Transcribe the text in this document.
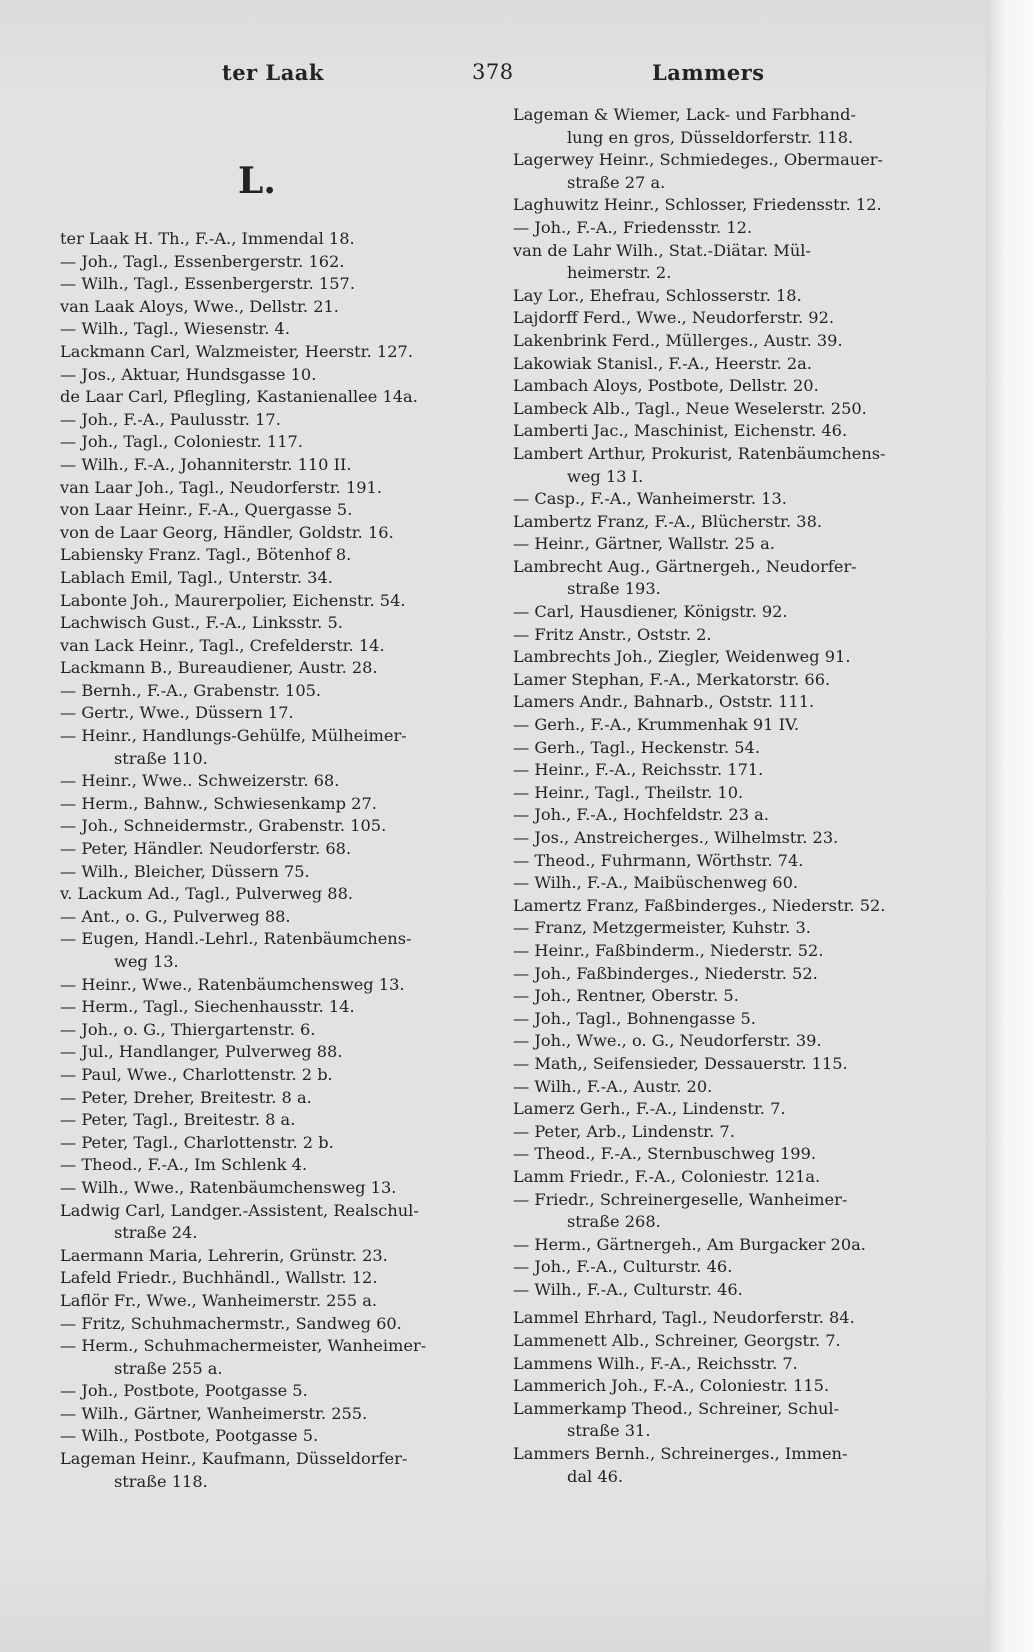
ter Laak	378	Lammers
L.
ter Laak H. Th., F.-A., Immendal 18.
— Joh., Tagl., Essenbergerstr. 162.
— Wilh., Tagl., Essenbergerstr. 157.
van Laak Aloys, Wwe., Dellstr. 21.
— Wilh., Tagl., Wiesenstr. 4.
Lackmann Carl, Walzmeister, Heerstr. 127.
— Jos., Aktuar, Hundsgasse 10.
de Laar Carl, Pflegling, Kastanienallee 14a.
— Joh., F.-A., Paulusstr. 17.
— Joh., Tagl., Coloniestr. 117.
— Wilh., F.-A., Johanniterstr. 110 II.
van Laar Joh., Tagl., Neudorferstr. 191.
von Laar Heinr., F.-A., Quergasse 5.
von de Laar Georg, Händler, Goldstr. 16.
Labiensky Franz. Tagl., Bötenhof 8.
Lablach Emil, Tagl., Unterstr. 34.
Labonte Joh., Maurerpolier, Eichenstr. 54.
Lachwisch Gust., F.-A., Linksstr. 5.
van Lack Heinr., Tagl., Crefelderstr. 14.
Lackmann B., Bureaudiener, Austr. 28.
— Bernh., F.-A., Grabenstr. 105.
— Gertr., Wwe., Düssern 17.
— Heinr., Handlungs-Gehülfe, Mülheimer-
straße 110.
— Heinr., Wwe.. Schweizerstr. 68.
— Herm., Bahnw., Schwiesenkamp 27.
— Joh., Schneidermstr., Grabenstr. 105.
— Peter, Händler. Neudorferstr. 68.
— Wilh., Bleicher, Düssern 75.
v. Lackum Ad., Tagl., Pulverweg 88.
— Ant., o. G., Pulverweg 88.
— Eugen, Handl.-Lehrl., Ratenbäumchens-
weg 13.
— Heinr., Wwe., Ratenbäumchensweg 13.
— Herm., Tagl., Siechenhausstr. 14.
— Joh., o. G., Thiergartenstr. 6.
— Jul., Handlanger, Pulverweg 88.
— Paul, Wwe., Charlottenstr. 2 b.
— Peter, Dreher, Breitestr. 8 a.
— Peter, Tagl., Breitestr. 8 a.
— Peter, Tagl., Charlottenstr. 2 b.
— Theod., F.-A., Im Schlenk 4.
— Wilh., Wwe., Ratenbäumchensweg 13.
Ladwig Carl, Landger.-Assistent, Realschul-
straße 24.
Laermann Maria, Lehrerin, Grünstr. 23.
Lafeld Friedr., Buchhändl., Wallstr. 12.
Laflör Fr., Wwe., Wanheimerstr. 255 a.
— Fritz, Schuhmachermstr., Sandweg 60.
— Herm., Schuhmachermeister, Wanheimer-
straße 255 a.
— Joh., Postbote, Pootgasse 5.
— Wilh., Gärtner, Wanheimerstr. 255.
— Wilh., Postbote, Pootgasse 5.
Lageman Heinr., Kaufmann, Düsseldorfer-
straße 118.
Lageman & Wiemer, Lack- und Farbhand-
lung en gros, Düsseldorferstr. 118.
Lagerwey Heinr., Schmiedeges., Obermauer-
straße 27 a.
Laghuwitz Heinr., Schlosser, Friedensstr. 12.
— Joh., F.-A., Friedensstr. 12.
van de Lahr Wilh., Stat.-Diätar. Mül-
heimerstr. 2.
Lay Lor., Ehefrau, Schlosserstr. 18.
Lajdorff Ferd., Wwe., Neudorferstr. 92.
Lakenbrink Ferd., Müllerges., Austr. 39.
Lakowiak Stanisl., F.-A., Heerstr. 2a.
Lambach Aloys, Postbote, Dellstr. 20.
Lambeck Alb., Tagl., Neue Weselerstr. 250.
Lamberti Jac., Maschinist, Eichenstr. 46.
Lambert Arthur, Prokurist, Ratenbäumchens-
weg 13 I.
— Casp., F.-A., Wanheimerstr. 13.
Lambertz Franz, F.-A., Blücherstr. 38.
— Heinr., Gärtner, Wallstr. 25 a.
Lambrecht Aug., Gärtnergeh., Neudorfer-
straße 193.
— Carl, Hausdiener, Königstr. 92.
— Fritz Anstr., Oststr. 2.
Lambrechts Joh., Ziegler, Weidenweg 91.
Lamer Stephan, F.-A., Merkatorstr. 66.
Lamers Andr., Bahnarb., Oststr. 111.
— Gerh., F.-A., Krummenhak 91 IV.
— Gerh., Tagl., Heckenstr. 54.
— Heinr., F.-A., Reichsstr. 171.
— Heinr., Tagl., Theilstr. 10.
— Joh., F.-A., Hochfeldstr. 23 a.
— Jos., Anstreicherges., Wilhelmstr. 23.
— Theod., Fuhrmann, Wörthstr. 74.
— Wilh., F.-A., Maibüschenweg 60.
Lamertz Franz, Faßbinderges., Niederstr. 52.
— Franz, Metzgermeister, Kuhstr. 3.
— Heinr., Faßbinderm., Niederstr. 52.
— Joh., Faßbinderges., Niederstr. 52.
— Joh., Rentner, Oberstr. 5.
— Joh., Tagl., Bohnengasse 5.
— Joh., Wwe., o. G., Neudorferstr. 39.
— Math,, Seifensieder, Dessauerstr. 115.
— Wilh., F.-A., Austr. 20.
Lamerz Gerh., F.-A., Lindenstr. 7.
— Peter, Arb., Lindenstr. 7.
— Theod., F.-A., Sternbuschweg 199.
Lamm Friedr., F.-A., Coloniestr. 121a.
— Friedr., Schreinergeselle, Wanheimer-
straße 268.
— Herm., Gärtnergeh., Am Burgacker 20a.
— Joh., F.-A., Culturstr. 46.
— Wilh., F.-A., Culturstr. 46.
Lammel Ehrhard, Tagl., Neudorferstr. 84.
Lammenett Alb., Schreiner, Georgstr. 7.
Lammens Wilh., F.-A., Reichsstr. 7.
Lammerich Joh., F.-A., Coloniestr. 115.
Lammerkamp Theod., Schreiner, Schul-
straße 31.
Lammers Bernh., Schreinerges., Immen-
dal 46.
